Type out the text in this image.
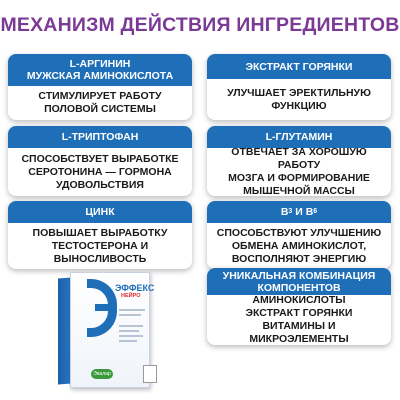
МЕХАНИЗМ ДЕЙСТВИЯ ИНГРЕДИЕНТОВ
L-АРГИНИН
МУЖСКАЯ АМИНОКИСЛОТА
СТИМУЛИРУЕТ РАБОТУ
ПОЛОВОЙ СИСТЕМЫ
ЭКСТРАКТ ГОРЯНКИ
УЛУЧШАЕТ ЭРЕКТИЛЬНУЮ
ФУНКЦИЮ
L-ТРИПТОФАН
СПОСОБСТВУЕТ ВЫРАБОТКЕ
СЕРОТОНИНА — ГОРМОНА
УДОВОЛЬСТВИЯ
L-ГЛУТАМИН
ОТВЕЧАЕТ ЗА ХОРОШУЮ РАБОТУ
МОЗГА И ФОРМИРОВАНИЕ
МЫШЕЧНОЙ МАССЫ
ЦИНК
ПОВЫШАЕТ ВЫРАБОТКУ
ТЕСТОСТЕРОНА И
ВЫНОСЛИВОСТЬ
B 3 И B 6
СПОСОБСТВУЮТ УЛУЧШЕНИЮ
ОБМЕНА АМИНОКИСЛОТ,
ВОСПОЛНЯЮТ ЭНЕРГИЮ
УНИКАЛЬНАЯ КОМБИНАЦИЯ
КОМПОНЕНТОВ
АМИНОКИСЛОТЫ
ЭКСТРАКТ ГОРЯНКИ
ВИТАМИНЫ И МИКРОЭЛЕМЕНТЫ
ЭФФЕКС
НЕЙРО
Эвалар
